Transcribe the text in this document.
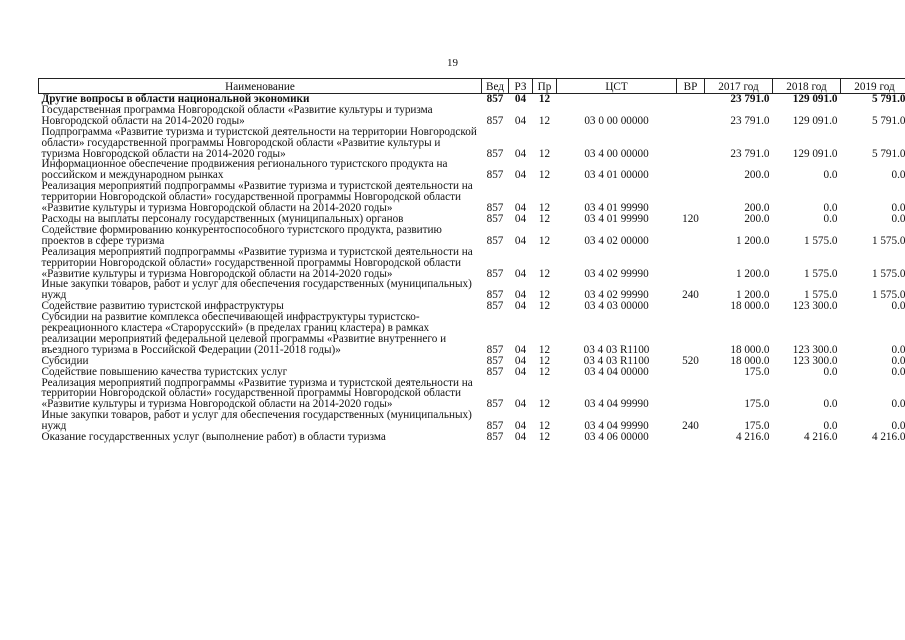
19
Наименование	Вед	РЗ	Пр	ЦСТ	ВР	2017 год	2018 год	2019 год
Другие вопросы в области национальной экономики	857	04	12			23 791.0	129 091.0	5 791.0
Государственная программа Новгородской области «Развитие культуры и туризма Новгородской области на 2014-2020 годы»	857	04	12	03 0 00 00000		23 791.0	129 091.0	5 791.0
Подпрограмма «Развитие туризма и туристской деятельности на территории Новгородской области» государственной программы Новгородской области «Развитие культуры и туризма Новгородской области на 2014-2020 годы»	857	04	12	03 4 00 00000		23 791.0	129 091.0	5 791.0
Информационное обеспечение продвижения регионального туристского продукта на российском и международном рынках	857	04	12	03 4 01 00000		200.0	0.0	0.0
Реализация мероприятий подпрограммы «Развитие туризма и туристской деятельности на территории Новгородской области» государственной программы Новгородской области «Развитие культуры и туризма Новгородской области на 2014-2020 годы»	857	04	12	03 4 01 99990		200.0	0.0	0.0
Расходы на выплаты персоналу государственных (муниципальных) органов	857	04	12	03 4 01 99990	120	200.0	0.0	0.0
Содействие формированию конкурентоспособного туристского продукта, развитию проектов в сфере туризма	857	04	12	03 4 02 00000		1 200.0	1 575.0	1 575.0
Реализация мероприятий подпрограммы «Развитие туризма и туристской деятельности на территории Новгородской области» государственной программы Новгородской области «Развитие культуры и туризма Новгородской области на 2014-2020 годы»	857	04	12	03 4 02 99990		1 200.0	1 575.0	1 575.0
Иные закупки товаров, работ и услуг для обеспечения государственных (муниципальных) нужд	857	04	12	03 4 02 99990	240	1 200.0	1 575.0	1 575.0
Содействие развитию туристской инфраструктуры	857	04	12	03 4 03 00000		18 000.0	123 300.0	0.0
Субсидии на развитие комплекса обеспечивающей инфраструктуры туристско-рекреационного кластера «Старорусский» (в пределах границ кластера) в рамках реализации мероприятий федеральной целевой программы «Развитие внутреннего и въездного туризма в Российской Федерации (2011-2018 годы)»	857	04	12	03 4 03 R1100		18 000.0	123 300.0	0.0
Субсидии	857	04	12	03 4 03 R1100	520	18 000.0	123 300.0	0.0
Содействие повышению качества туристских услуг	857	04	12	03 4 04 00000		175.0	0.0	0.0
Реализация мероприятий подпрограммы «Развитие туризма и туристской деятельности на территории Новгородской области» государственной программы Новгородской области «Развитие культуры и туризма Новгородской области на 2014-2020 годы»	857	04	12	03 4 04 99990		175.0	0.0	0.0
Иные закупки товаров, работ и услуг для обеспечения государственных (муниципальных) нужд	857	04	12	03 4 04 99990	240	175.0	0.0	0.0
Оказание государственных услуг (выполнение работ) в области туризма	857	04	12	03 4 06 00000		4 216.0	4 216.0	4 216.0
